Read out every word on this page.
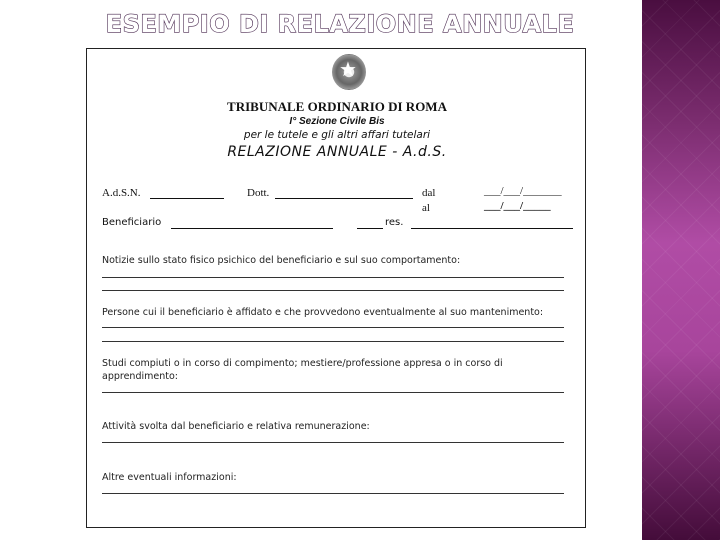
ESEMPIO DI RELAZIONE ANNUALE
★
TRIBUNALE ORDINARIO DI ROMA
I° Sezione Civile Bis
per le tutele e gli altri affari tutelari
RELAZIONE ANNUALE - A.d.S.
A.d.S.N.	Dott.	dal	___/___/_______
al	___/___/_____
Beneficiario	res.
Notizie sullo stato fisico psichico del beneficiario e sul suo comportamento:
Persone cui il beneficiario è affidato e che provvedono eventualmente al suo mantenimento:
Studi compiuti o in corso di compimento; mestiere/professione appresa o in corso di
apprendimento:
Attività svolta dal beneficiario e relativa remunerazione:
Altre eventuali informazioni:
